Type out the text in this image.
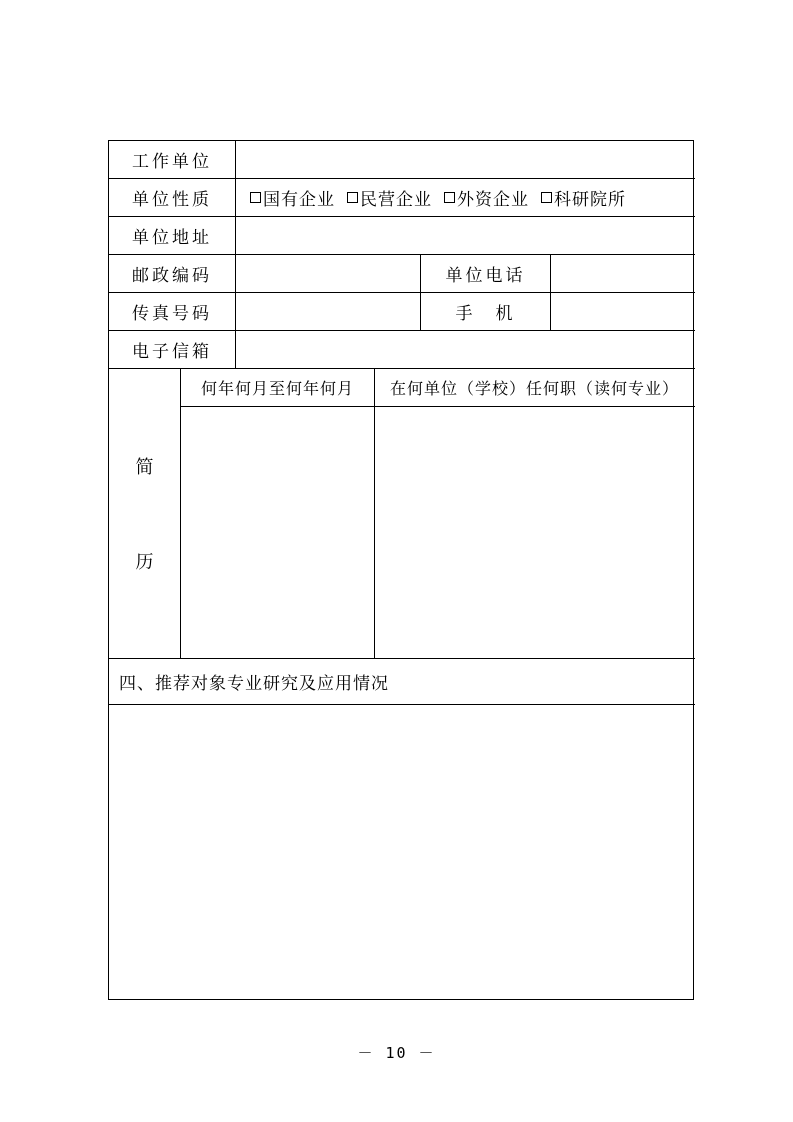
工作单位
单位性质	国有企业 民营企业 外资企业 科研院所
单位地址
邮政编码	单位电话
传真号码	手　机
电子信箱
简
历
何年何月至何年何月	在何单位（学校）任何职（读何专业）
四、推荐对象专业研究及应用情况
－ 10 －
